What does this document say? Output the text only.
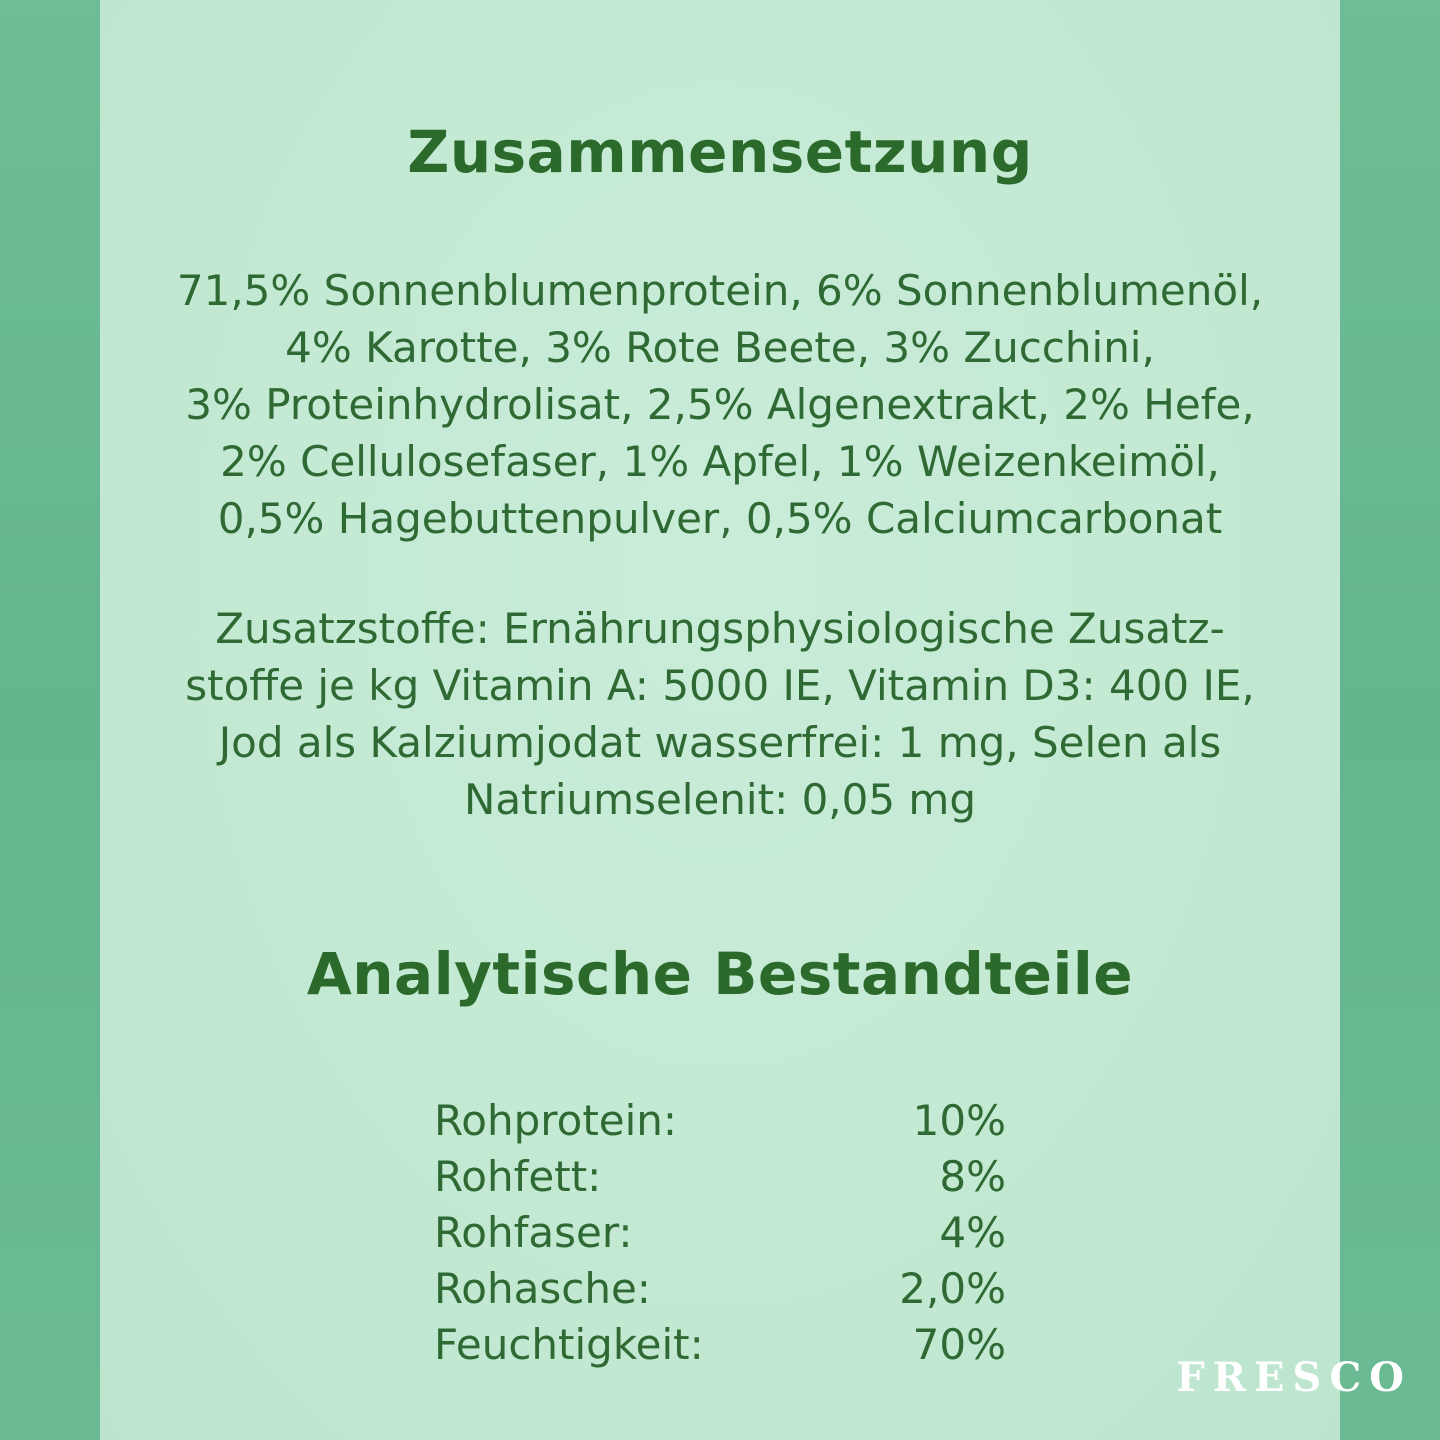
Zusammensetzung
71,5% Sonnenblumenprotein, 6% Sonnenblumenöl,
4% Karotte, 3% Rote Beete, 3% Zucchini,
3% Proteinhydrolisat, 2,5% Algenextrakt, 2% Hefe,
2% Cellulosefaser, 1% Apfel, 1% Weizenkeimöl,
0,5% Hagebuttenpulver, 0,5% Calciumcarbonat
Zusatzstoffe: Ernährungsphysiologische Zusatz-
stoffe je kg Vitamin A: 5000 IE, Vitamin D3: 400 IE,
Jod als Kalziumjodat wasserfrei: 1 mg, Selen als
Natriumselenit: 0,05 mg
Analytische Bestandteile
Rohprotein:	10%
Rohfett:	8%
Rohfaser:	4%
Rohasche:	2,0%
Feuchtigkeit:	70%
FRESCO
